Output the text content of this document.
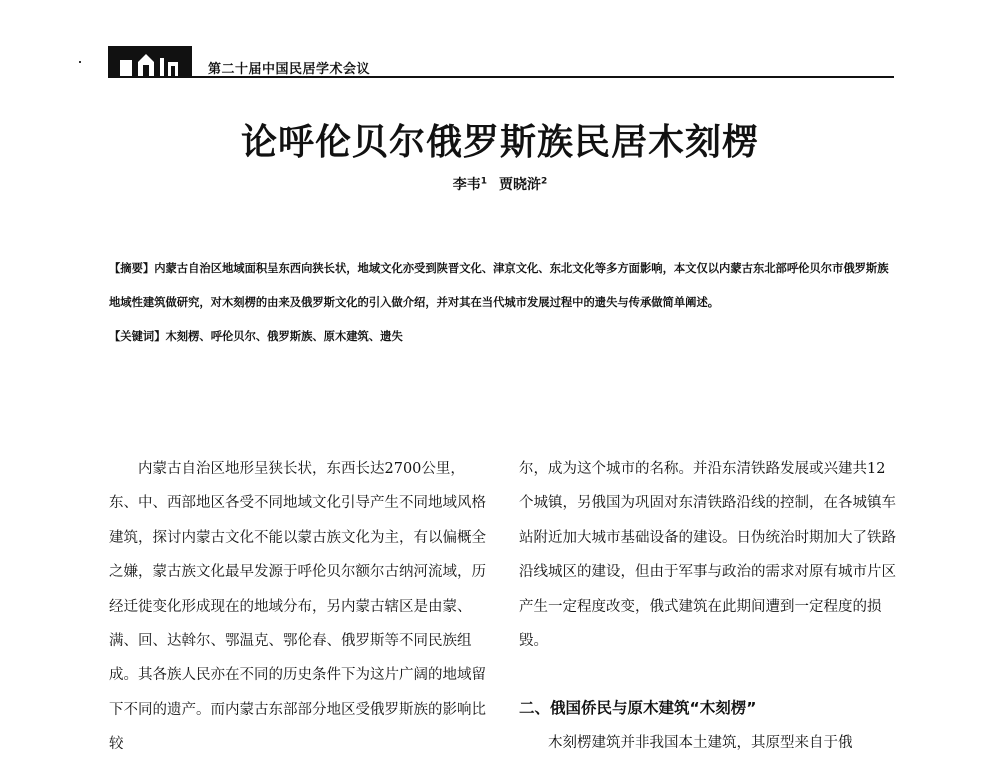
第二十届中国民居学术会议
论呼伦贝尔俄罗斯族民居木刻楞
李韦$^1$ 贾晓浒$^2$

【摘要】内蒙古自治区地域面积呈东西向狭长状，地域文化亦受到陕晋文化、津京文化、东北文化等多方面影响，本文仅以内蒙古东北部呼伦贝尔市俄罗斯族地域性建筑做研究，对木刻楞的由来及俄罗斯文化的引入做介绍，并对其在当代城市发展过程中的遗失与传承做简单阐述。

【关键词】木刻楞、呼伦贝尔、俄罗斯族、原木建筑、遗失

内蒙古自治区地形呈狭长状，东西长达2700公里，东、中、西部地区各受不同地域文化引导产生不同地域风格建筑，探讨内蒙古文化不能以蒙古族文化为主，有以偏概全之嫌，蒙古族文化最早发源于呼伦贝尔额尔古纳河流域，历经迁徙变化形成现在的地域分布，另内蒙古辖区是由蒙、满、回、达斡尔、鄂温克、鄂伦春、俄罗斯等不同民族组成。其各族人民亦在不同的历史条件下为这片广阔的地域留下不同的遗产。而内蒙古东部部分地区受俄罗斯族的影响比较

尔，成为这个城市的名称。并沿东清铁路发展或兴建共12个城镇，另俄国为巩固对东清铁路沿线的控制，在各城镇车站附近加大城市基础设备的建设。日伪统治时期加大了铁路沿线城区的建设，但由于军事与政治的需求对原有城市片区产生一定程度改变，俄式建筑在此期间遭到一定程度的损毁。

二、俄国侨民与原木建筑“木刻楞”

木刻楞建筑并非我国本土建筑，其原型来自于俄
